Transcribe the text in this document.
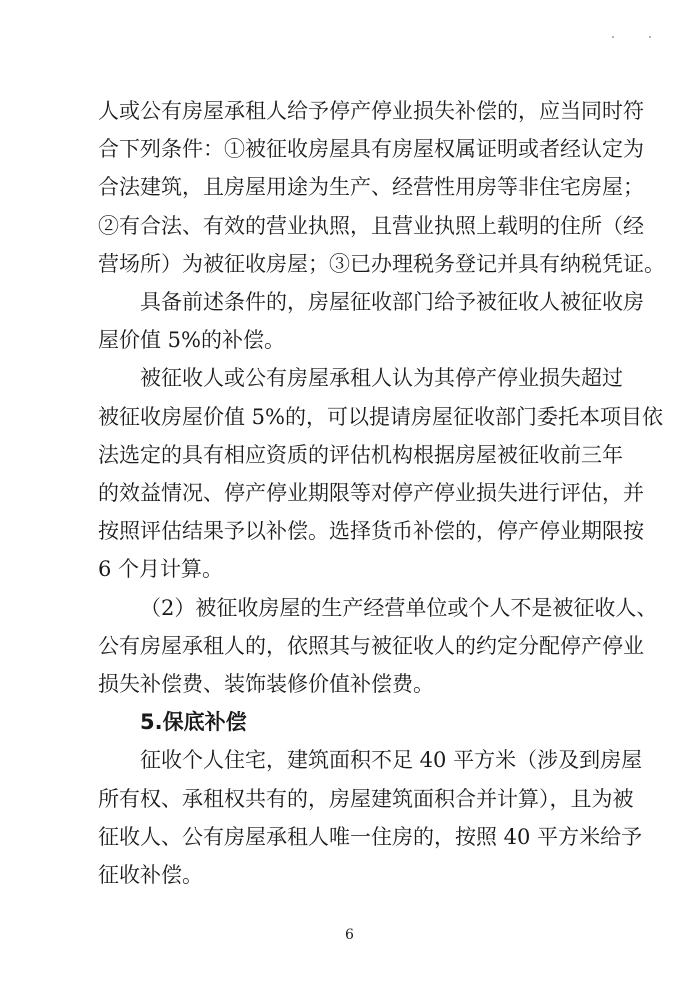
人或公有房屋承租人给予停产停业损失补偿的，应当同时符
合下列条件：①被征收房屋具有房屋权属证明或者经认定为
合法建筑，且房屋用途为生产、经营性用房等非住宅房屋；
②有合法、有效的营业执照，且营业执照上载明的住所（经
营场所）为被征收房屋；③已办理税务登记并具有纳税凭证。
具备前述条件的，房屋征收部门给予被征收人被征收房
屋价值 5%的补偿。
被征收人或公有房屋承租人认为其停产停业损失超过
被征收房屋价值 5%的，可以提请房屋征收部门委托本项目依
法选定的具有相应资质的评估机构根据房屋被征收前三年
的效益情况、停产停业期限等对停产停业损失进行评估，并
按照评估结果予以补偿。选择货币补偿的，停产停业期限按
6 个月计算。
（2）被征收房屋的生产经营单位或个人不是被征收人、
公有房屋承租人的，依照其与被征收人的约定分配停产停业
损失补偿费、装饰装修价值补偿费。
5.保底补偿
征收个人住宅，建筑面积不足 40 平方米（涉及到房屋
所有权、承租权共有的，房屋建筑面积合并计算），且为被
征收人、公有房屋承租人唯一住房的，按照 40 平方米给予
征收补偿。
6
